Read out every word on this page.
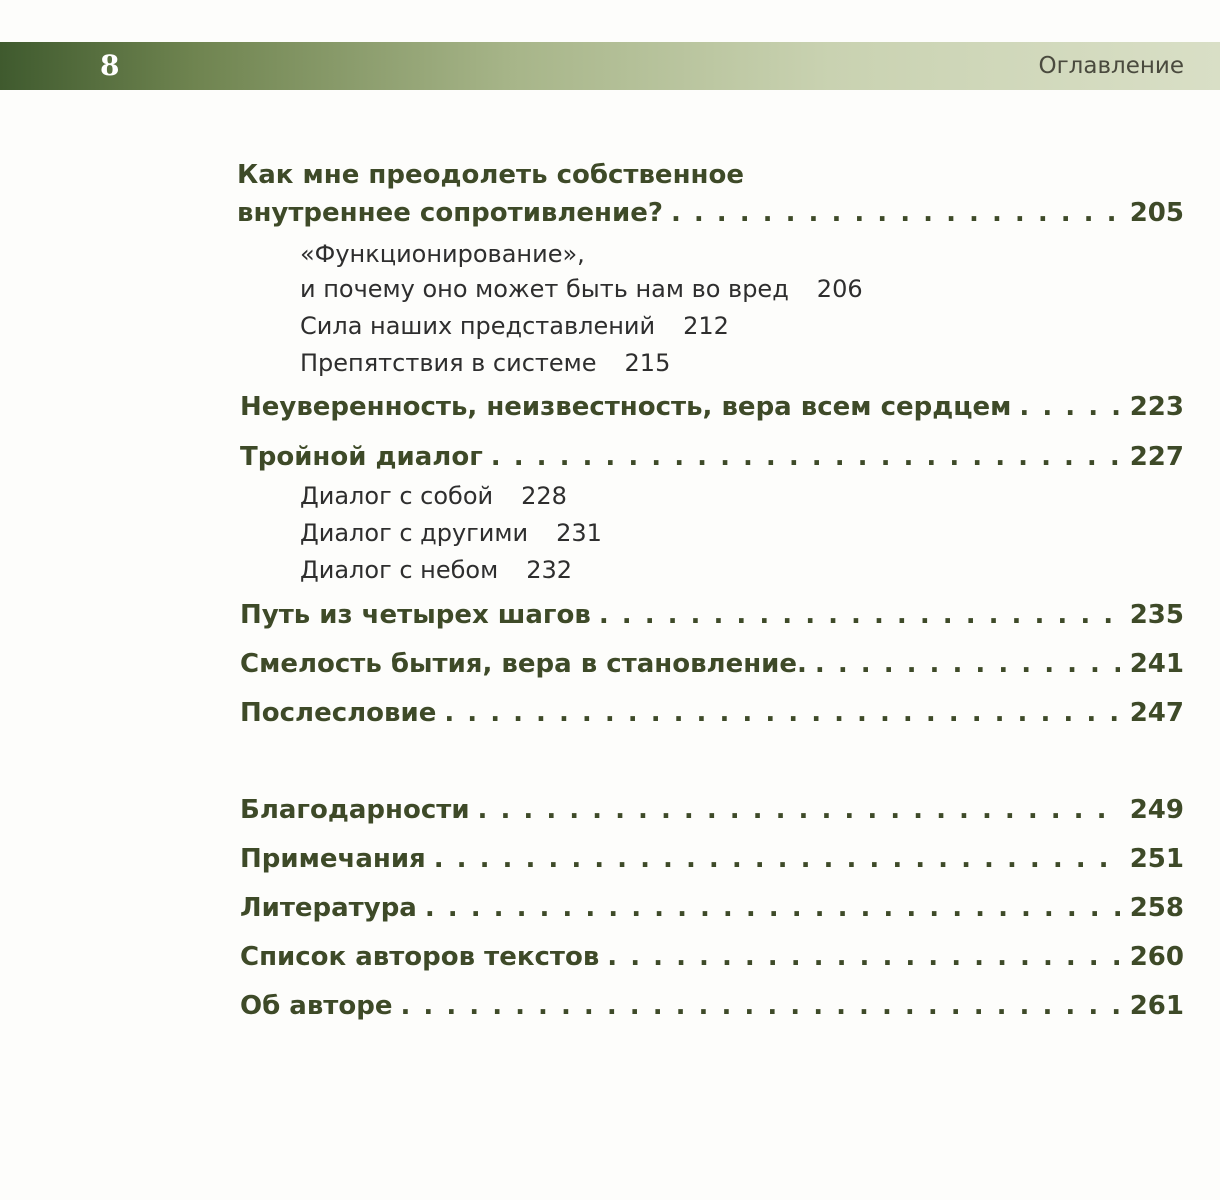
8	Оглавление
Как мне преодолеть собственное
внутреннее сопротивление? . . .	205
«Функционирование»,
и почему оно может быть нам во вред 206
Сила наших представлений 212
Препятствия в системе 215
Неуверенность, неизвестность, вера всем сердцем . . .	223
Тройной диалог . . .	227
Диалог с собой 228
Диалог с другими 231
Диалог с небом 232
Путь из четырех шагов . . .	235
Смелость бытия, вера в становление. . . .	241
Послесловие . . .	247
Благодарности . . .	249
Примечания . . .	251
Литература . . .	258
Список авторов текстов . . .	260
Об авторе . . .	261
